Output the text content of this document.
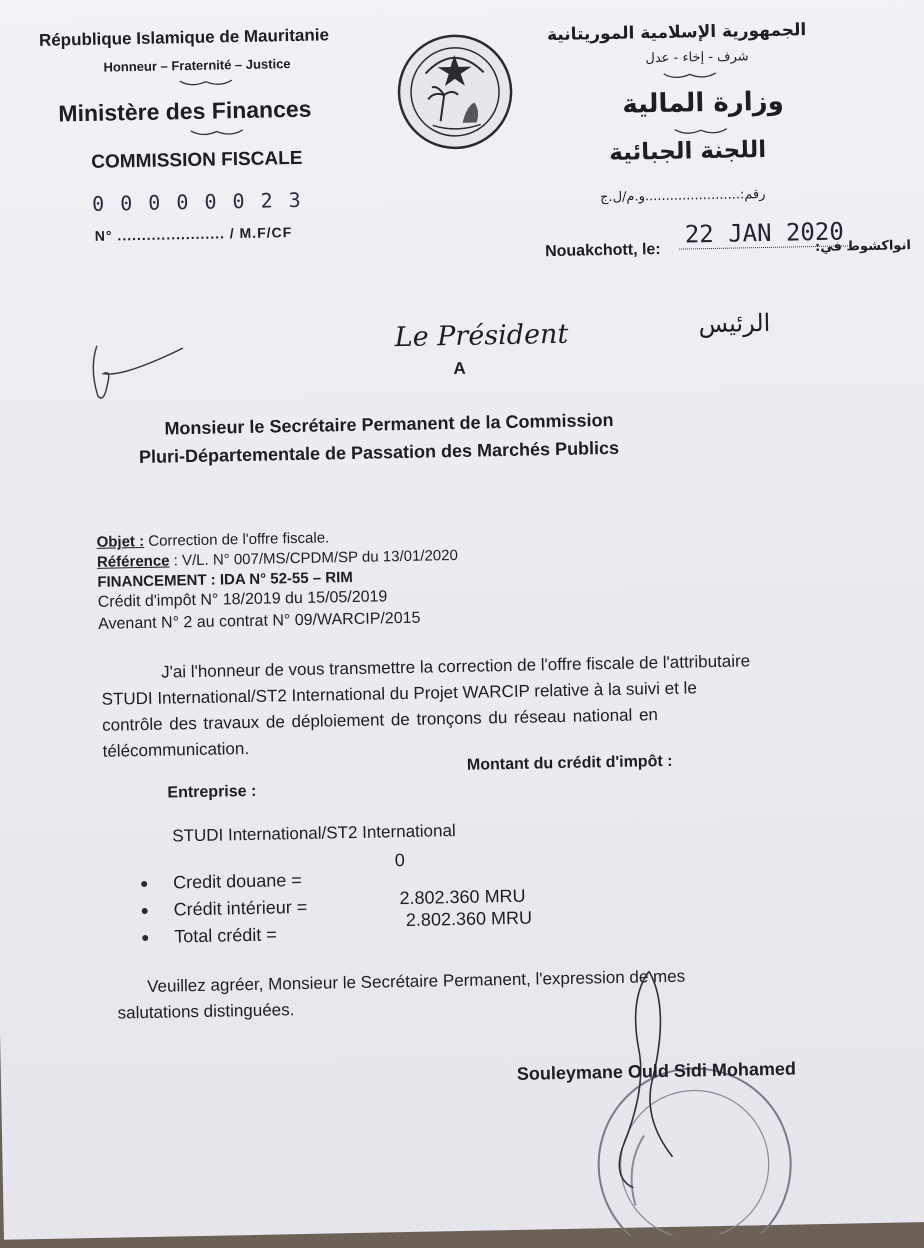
République Islamique de Mauritanie
Honneur – Fraternité – Justice
Ministère des Finances
COMMISSION FISCALE
0 0 0 0 0 0 2 3
N° ...................... / M.F/CF
الجمهورية الإسلامية الموريتانية
شرف - إخاء - عدل
وزارة المالية
اللجنة الجبائية
رقم:.......................و.م/ل.ج
Nouakchott, le:
22 JAN 2020
انواكشوط في:
Le Président	الرئيس
A
Monsieur le Secrétaire Permanent de la Commission
Pluri-Départementale de Passation des Marchés Publics
Objet : Correction de l'offre fiscale.
Référence : V/L. N° 007/MS/CPDM/SP du 13/01/2020
FINANCEMENT : IDA N° 52-55 – RIM
Crédit d'impôt N° 18/2019 du 15/05/2019
Avenant N° 2 au contrat N° 09/WARCIP/2015
J'ai l'honneur de vous transmettre la correction de l'offre fiscale de l'attributaire
STUDI International/ST2 International du Projet WARCIP relative à la suivi et le
contrôle des travaux de déploiement de tronçons du réseau national en
télécommunication.
Entreprise :
Montant du crédit d'impôt :
STUDI International/ST2 International
Credit douane =
0
Crédit intérieur =	2.802.360 MRU
Total crédit =
2.802.360 MRU
Veuillez agréer, Monsieur le Secrétaire Permanent, l'expression de mes
salutations distinguées.
Souleymane Ould Sidi Mohamed
